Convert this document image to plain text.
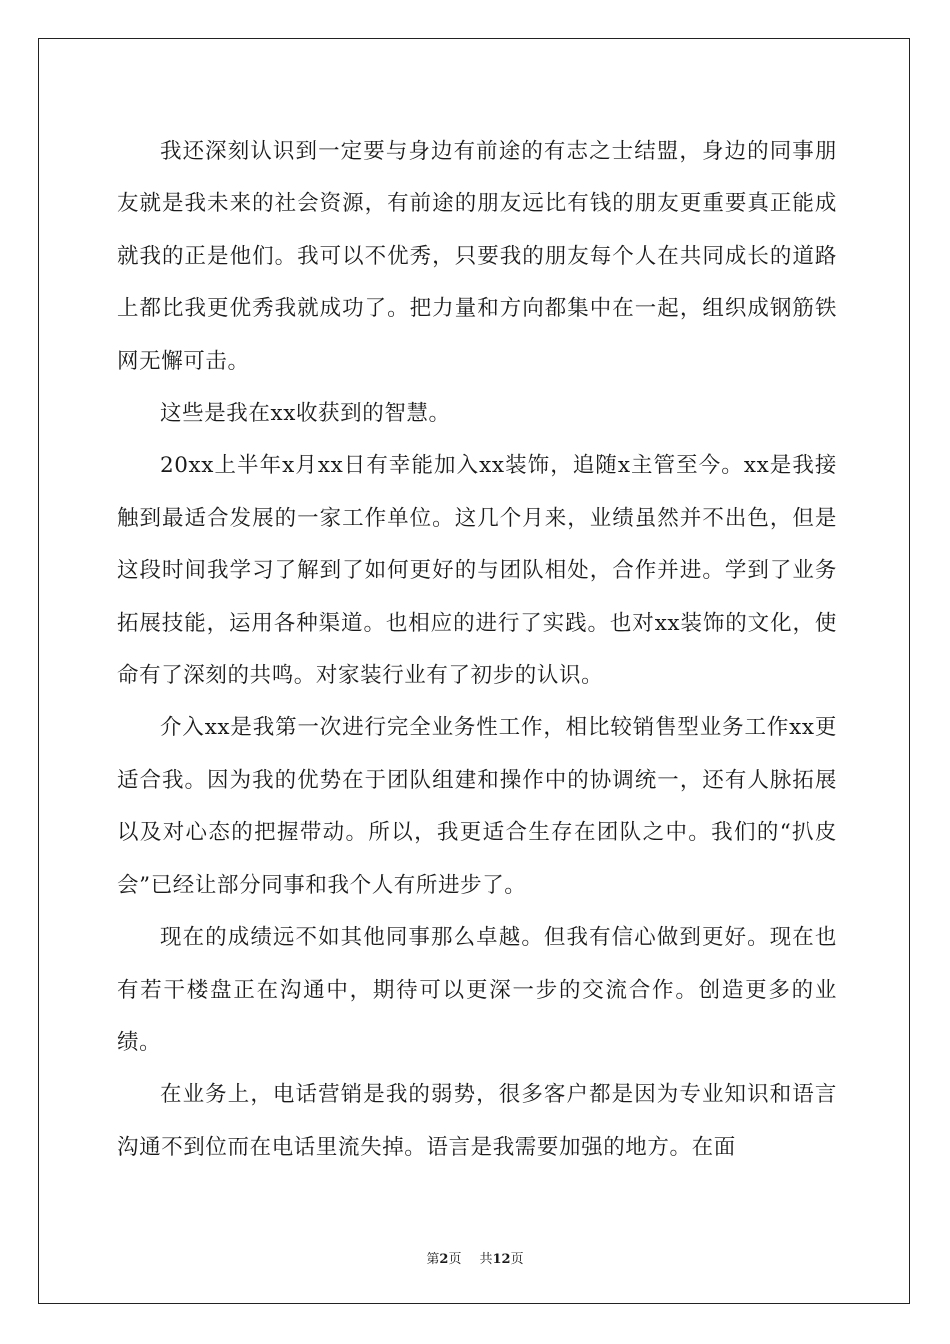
我还深刻认识到一定要与身边有前途的有志之士结盟，身边的同事朋友就是我未来的社会资源，有前途的朋友远比有钱的朋友更重要真正能成就我的正是他们。我可以不优秀，只要我的朋友每个人在共同成长的道路上都比我更优秀我就成功了。把力量和方向都集中在一起，组织成钢筋铁网无懈可击。

这些是我在xx收获到的智慧。

20xx上半年x月xx日有幸能加入xx装饰，追随x主管至今。xx是我接触到最适合发展的一家工作单位。这几个月来，业绩虽然并不出色，但是这段时间我学习了解到了如何更好的与团队相处，合作并进。学到了业务拓展技能，运用各种渠道。也相应的进行了实践。也对xx装饰的文化，使命有了深刻的共鸣。对家装行业有了初步的认识。

介入xx是我第一次进行完全业务性工作，相比较销售型业务工作xx更适合我。因为我的优势在于团队组建和操作中的协调统一，还有人脉拓展以及对心态的把握带动。所以，我更适合生存在团队之中。我们的“扒皮会”已经让部分同事和我个人有所进步了。

现在的成绩远不如其他同事那么卓越。但我有信心做到更好。现在也有若干楼盘正在沟通中，期待可以更深一步的交流合作。创造更多的业绩。

在业务上，电话营销是我的弱势，很多客户都是因为专业知识和语言沟通不到位而在电话里流失掉。语言是我需要加强的地方。在面

第2页 共12页
